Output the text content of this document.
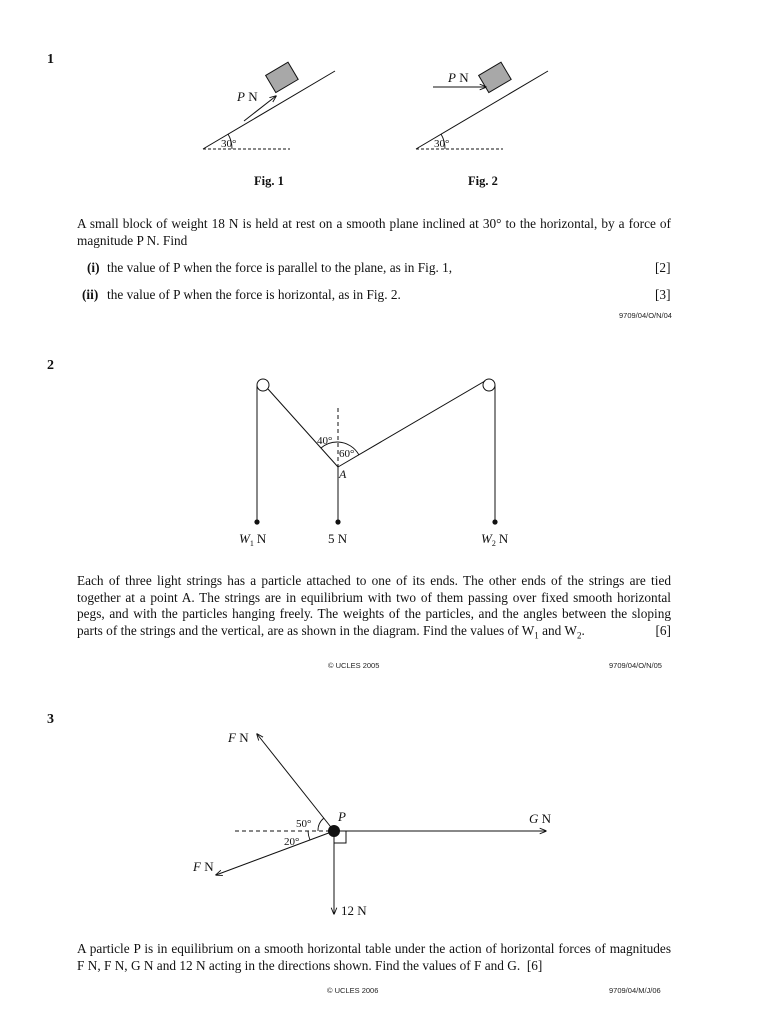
1
P N
30°
P N
30°
Fig. 1	Fig. 2
A small block of weight 18 N is held at rest on a smooth plane inclined at 30° to the horizontal, by a force of magnitude P N. Find
(i) the value of P when the force is parallel to the plane, as in Fig. 1,	[2]
(ii) the value of P when the force is horizontal, as in Fig. 2.	[3]
9709/04/O/N/04
2
40°
60°
A
$W_1$ N	5 N	$W_2$ N
Each of three light strings has a particle attached to one of its ends. The other ends of the strings are tied together at a point A. The strings are in equilibrium with two of them passing over fixed smooth horizontal pegs, and with the particles hanging freely. The weights of the particles, and the angles between the sloping parts of the strings and the vertical, are as shown in the diagram. Find the values of $W_1$ and $W_2$.	[6]
© UCLES 2005	9709/04/O/N/05
3
F N
F N
G N
12 N
50°
20°
P
A particle P is in equilibrium on a smooth horizontal table under the action of horizontal forces of magnitudes F N, F N, G N and 12 N acting in the directions shown. Find the values of F and G. [6]
© UCLES 2006	9709/04/M/J/06
